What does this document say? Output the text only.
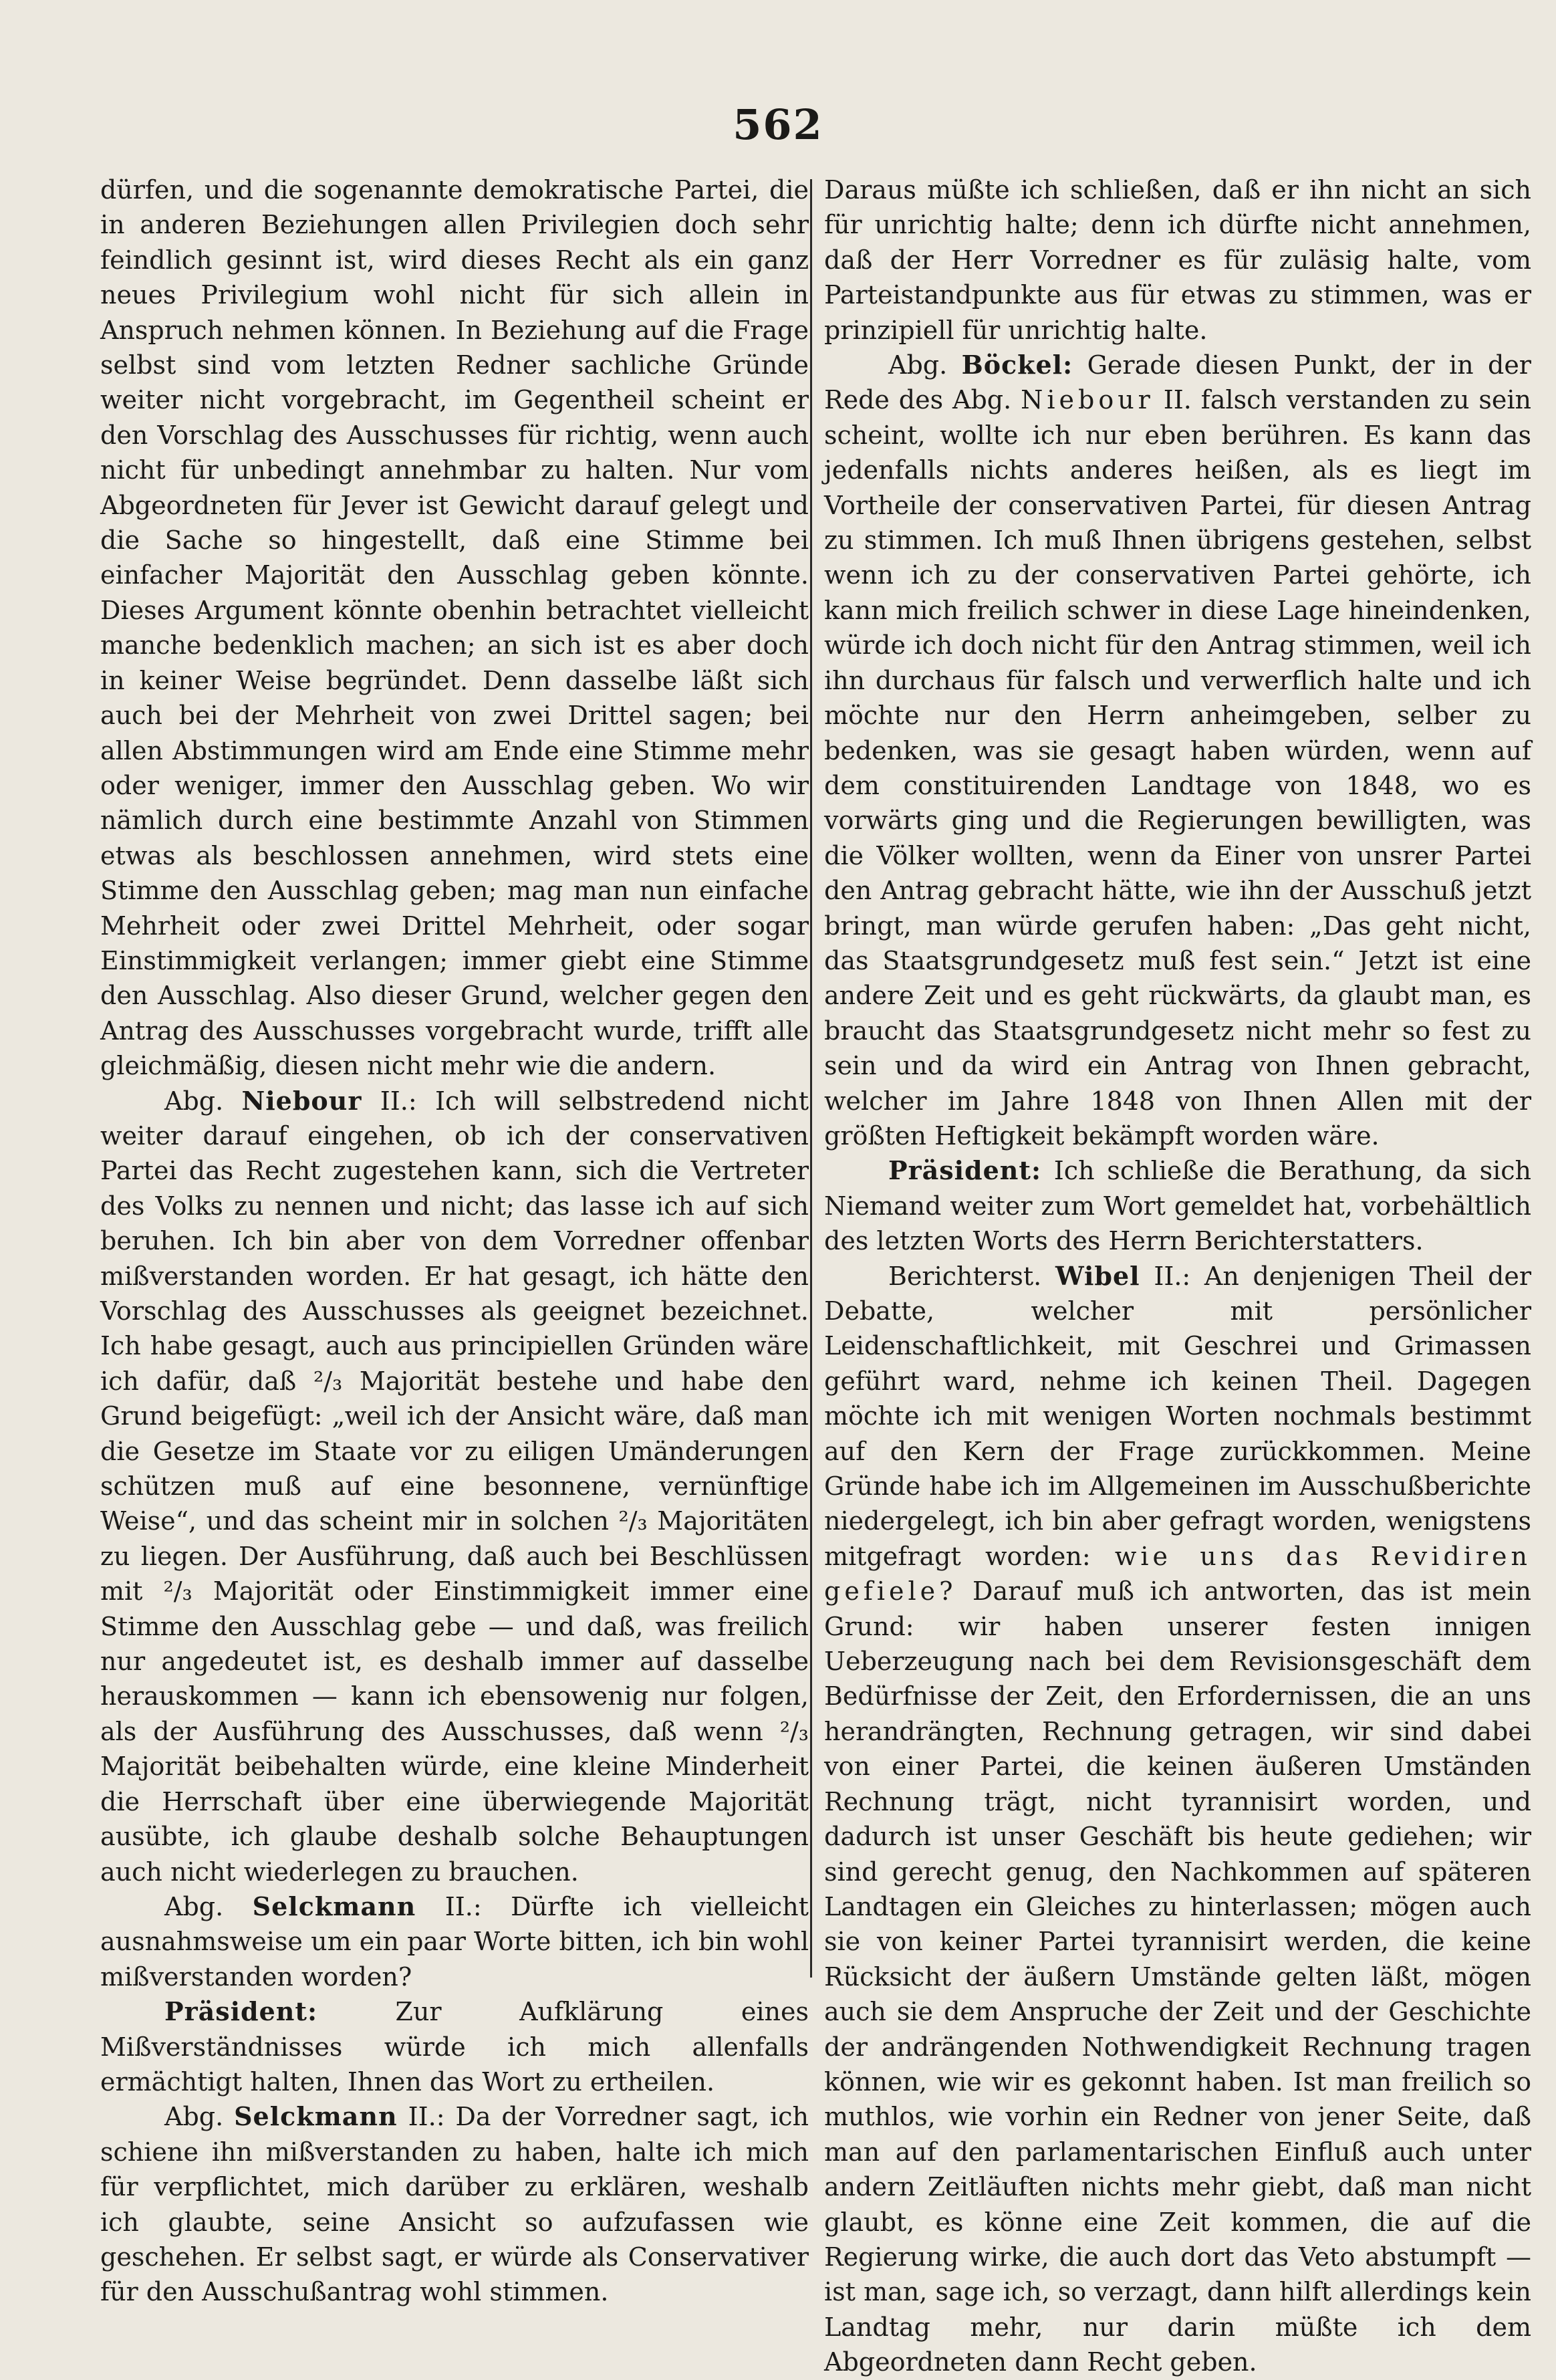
562

dürfen, und die sogenannte demokratische Partei, die in anderen Beziehungen allen Privilegien doch sehr feindlich gesinnt ist, wird dieses Recht als ein ganz neues Privilegium wohl nicht für sich allein in Anspruch nehmen können. In Beziehung auf die Frage selbst sind vom letzten Redner sachliche Gründe weiter nicht vorgebracht, im Gegentheil scheint er den Vorschlag des Ausschusses für richtig, wenn auch nicht für unbedingt annehmbar zu halten. Nur vom Abgeordneten für Jever ist Gewicht darauf gelegt und die Sache so hingestellt, daß eine Stimme bei einfacher Majorität den Ausschlag geben könnte. Dieses Argument könnte obenhin betrachtet vielleicht manche bedenklich machen; an sich ist es aber doch in keiner Weise begründet. Denn dasselbe läßt sich auch bei der Mehrheit von zwei Drittel sagen; bei allen Abstimmungen wird am Ende eine Stimme mehr oder weniger, immer den Ausschlag geben. Wo wir nämlich durch eine bestimmte Anzahl von Stimmen etwas als beschlossen annehmen, wird stets eine Stimme den Ausschlag geben; mag man nun einfache Mehrheit oder zwei Drittel Mehrheit, oder sogar Einstimmigkeit verlangen; immer giebt eine Stimme den Ausschlag. Also dieser Grund, welcher gegen den Antrag des Ausschusses vorgebracht wurde, trifft alle gleichmäßig, diesen nicht mehr wie die andern.

Abg. Niebour II.: Ich will selbstredend nicht weiter darauf eingehen, ob ich der conservativen Partei das Recht zugestehen kann, sich die Vertreter des Volks zu nennen und nicht; das lasse ich auf sich beruhen. Ich bin aber von dem Vorredner offenbar mißverstanden worden. Er hat gesagt, ich hätte den Vorschlag des Ausschusses als geeignet bezeichnet. Ich habe gesagt, auch aus principiellen Gründen wäre ich dafür, daß ²/₃ Majorität bestehe und habe den Grund beigefügt: „weil ich der Ansicht wäre, daß man die Gesetze im Staate vor zu eiligen Umänderungen schützen muß auf eine besonnene, vernünftige Weise“, und das scheint mir in solchen ²/₃ Majoritäten zu liegen. Der Ausführung, daß auch bei Beschlüssen mit ²/₃ Majorität oder Einstimmigkeit immer eine Stimme den Ausschlag gebe — und daß, was freilich nur angedeutet ist, es deshalb immer auf dasselbe herauskommen — kann ich ebensowenig nur folgen, als der Ausführung des Ausschusses, daß wenn ²/₃ Majorität beibehalten würde, eine kleine Minderheit die Herrschaft über eine überwiegende Majorität ausübte, ich glaube deshalb solche Behauptungen auch nicht wiederlegen zu brauchen.

Abg. Selckmann II.: Dürfte ich vielleicht ausnahmsweise um ein paar Worte bitten, ich bin wohl mißverstanden worden?

Präsident:	Zur Aufklärung eines Mißverständnisses würde ich mich allenfalls ermächtigt halten, Ihnen das Wort zu ertheilen.

Abg. Selckmann II.: Da der Vorredner sagt, ich schiene ihn mißverstanden zu haben, halte ich mich für verpflichtet, mich darüber zu erklären, weshalb ich glaubte, seine Ansicht so aufzufassen wie geschehen. Er selbst sagt, er würde als Conservativer für den Ausschußantrag wohl stimmen.

Daraus müßte ich schließen, daß er ihn nicht an sich für unrichtig halte; denn ich dürfte nicht annehmen, daß der Herr Vorredner es für zuläsig halte, vom Parteistandpunkte aus für etwas zu stimmen, was er prinzipiell für unrichtig halte.

Abg. Böckel: Gerade diesen Punkt, der in der Rede des Abg. Niebour II. falsch verstanden zu sein scheint, wollte ich nur eben berühren. Es kann das jedenfalls nichts anderes heißen, als es liegt im Vortheile der conservativen Partei, für diesen Antrag zu stimmen. Ich muß Ihnen übrigens gestehen, selbst wenn ich zu der conservativen Partei gehörte, ich kann mich freilich schwer in diese Lage hineindenken, würde ich doch nicht für den Antrag stimmen, weil ich ihn durchaus für falsch und verwerflich halte und ich möchte nur den Herrn anheimgeben, selber zu bedenken, was sie gesagt haben würden, wenn auf dem constituirenden Landtage von 1848, wo es vorwärts ging und die Regierungen bewilligten, was die Völker wollten, wenn da Einer von unsrer Partei den Antrag gebracht hätte, wie ihn der Ausschuß jetzt bringt, man würde gerufen haben: „Das geht nicht, das Staatsgrundgesetz muß fest sein.“ Jetzt ist eine andere Zeit und es geht rückwärts, da glaubt man, es braucht das Staatsgrundgesetz nicht mehr so fest zu sein und da wird ein Antrag von Ihnen gebracht, welcher im Jahre 1848 von Ihnen Allen mit der größten Heftigkeit bekämpft worden wäre.

Präsident: Ich schließe die Berathung, da sich Niemand weiter zum Wort gemeldet hat, vorbehältlich des letzten Worts des Herrn Berichterstatters.

Berichterst. Wibel II.: An denjenigen Theil der Debatte, welcher mit persönlicher Leidenschaftlichkeit, mit Geschrei und Grimassen geführt ward, nehme ich keinen Theil. Dagegen möchte ich mit wenigen Worten nochmals bestimmt auf den Kern der Frage zurückkommen. Meine Gründe habe ich im Allgemeinen im Ausschußberichte niedergelegt, ich bin aber gefragt worden, wenigstens mitgefragt worden: wie uns das Revidiren gefiele? Darauf muß ich antworten, das ist mein Grund: wir haben unserer festen innigen Ueberzeugung nach bei dem Revisionsgeschäft dem Bedürfnisse der Zeit, den Erfordernissen, die an uns herandrängten, Rechnung getragen, wir sind dabei von einer Partei, die keinen äußeren Umständen Rechnung trägt, nicht tyrannisirt worden, und dadurch ist unser Geschäft bis heute gediehen; wir sind gerecht genug, den Nachkommen auf späteren Landtagen ein Gleiches zu hinterlassen; mögen auch sie von keiner Partei tyrannisirt werden, die keine Rücksicht der äußern Umstände gelten läßt, mögen auch sie dem Anspruche der Zeit und der Geschichte der andrängenden Nothwendigkeit Rechnung tragen können, wie wir es gekonnt haben. Ist man freilich so muthlos, wie vorhin ein Redner von jener Seite, daß man auf den parlamentarischen Einfluß auch unter andern Zeitläuften nichts mehr giebt, daß man nicht glaubt, es könne eine Zeit kommen, die auf die Regierung wirke, die auch dort das Veto abstumpft — ist man, sage ich, so verzagt, dann hilft allerdings kein Landtag mehr, nur darin müßte ich dem Abgeordneten dann Recht geben.
